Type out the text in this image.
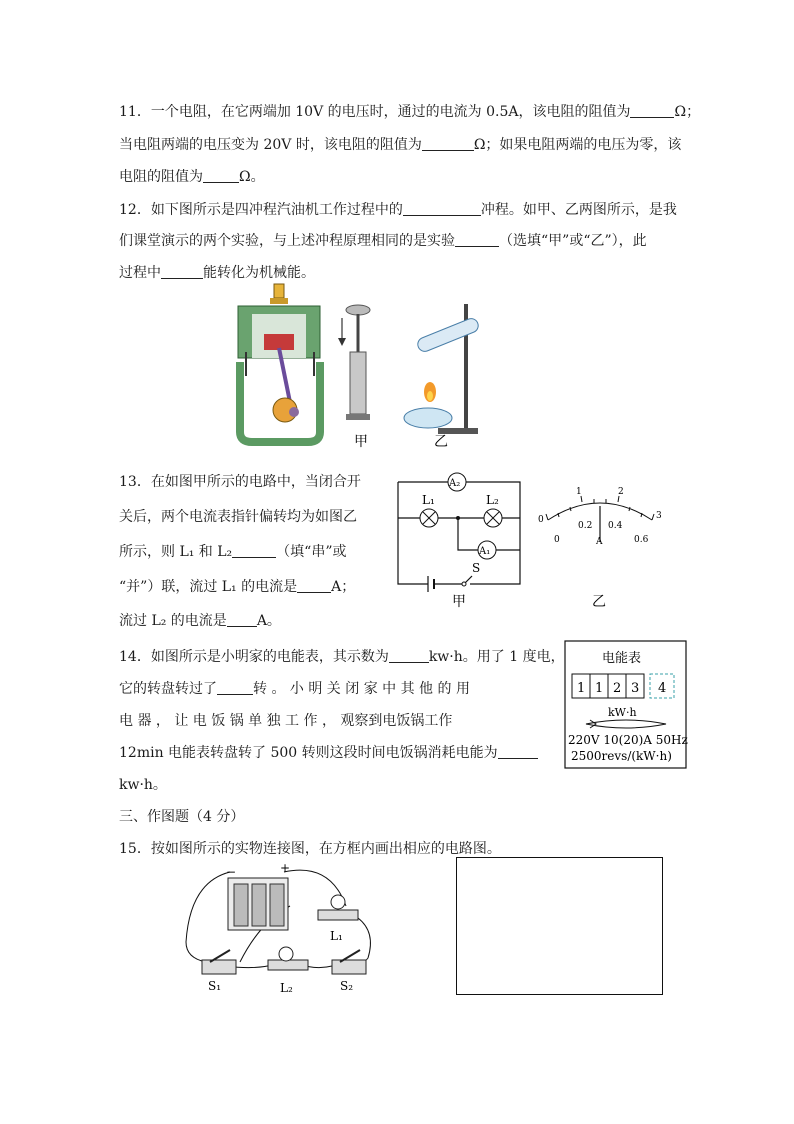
11．一个电阻，在它两端加 10V 的电压时，通过的电流为 0.5A，该电阻的阻值为	Ω；
当电阻两端的电压变为 20V 时，该电阻的阻值为	Ω；如果电阻两端的电压为零，该
电阻的阻值为	Ω。
12．如下图所示是四冲程汽油机工作过程中的	冲程。如甲、乙两图所示，是我
们课堂演示的两个实验，与上述冲程原理相同的是实验	（选填“甲”或“乙”），此
过程中	能转化为机械能。
甲	乙
13．在如图甲所示的电路中，当闭合开
关后，两个电流表指针偏转均为如图乙
所示，则 L₁ 和 L₂	（填“串”或
“并”）联，流过 L₁ 的电流是 A；
流过 L₂ 的电流是 A。
A₂
L₁	L₂
A₁
S
甲
0
1	2
3
0
0.2 0.4
0.6
A
乙
14．如图所示是小明家的电能表，其示数为	kw·h。用了 1 度电，
它的转盘转过了	转 。 小 明 关 闭 家 中 其 他 的 用
电 器 ， 让 电 饭 锅 单 独 工 作 ， 观察到电饭锅工作
12min 电能表转盘转了 500 转则这段时间电饭锅消耗电能为
kw·h。
电能表
1 1 2 3 4
kW·h
220V 10(20)A 50Hz
2500revs/(kW·h)
三、作图题（4 分）
15．按如图所示的实物连接图，在方框内画出相应的电路图。
−	+
L₁
S₁	L₂	S₂
